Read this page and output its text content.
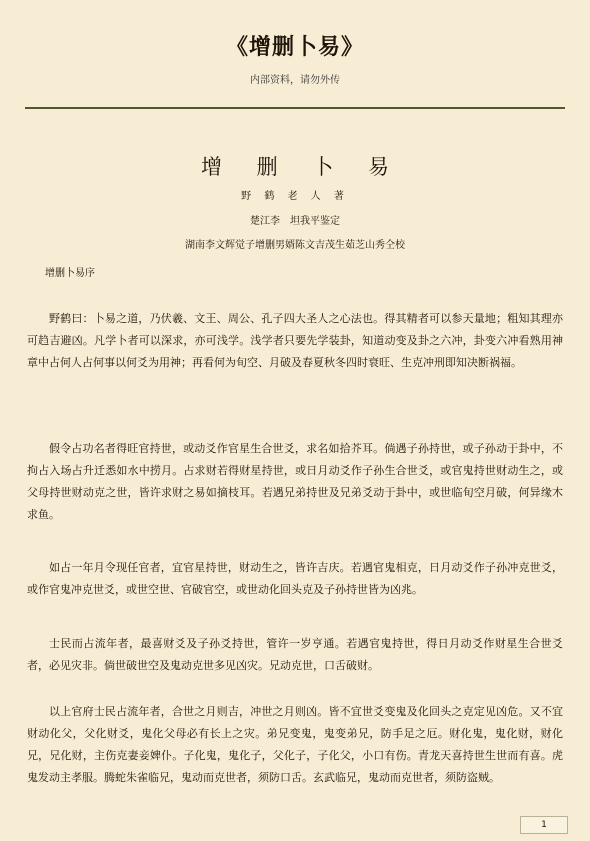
《增删卜易》
内部资料，请勿外传
增 删 卜 易
野 鹤 老 人 著
楚江李　坦我平鉴定
湖南李文辉觉子增删男婿陈文吉茂生茹芝山秀仝校
增删卜易序

野鹤曰：卜易之道，乃伏羲、文王、周公、孔子四大圣人之心法也。得其精者可以参天量地；粗知其理亦可趋吉避凶。凡学卜者可以深求，亦可浅学。浅学者只要先学装卦，知道动变及卦之六冲，卦变六冲看熟用神章中占何人占何事以何爻为用神；再看何为旬空、月破及春夏秋冬四时衰旺、生克冲刑即知决断祸福。

假令占功名者得旺官持世，或动爻作官星生合世爻，求名如拾芥耳。倘遇子孙持世，或子孙动于卦中，不拘占入场占升迁悉如水中捞月。占求财若得财星持世，或日月动爻作子孙生合世爻，或官鬼持世财动生之，或父母持世财动克之世，皆许求财之易如摘枝耳。若遇兄弟持世及兄弟爻动于卦中，或世临旬空月破，何异缘木求鱼。

如占一年月令现任官者，宜官星持世，财动生之，皆许吉庆。若遇官鬼相克，日月动爻作子孙冲克世爻，或作官鬼冲克世爻，或世空世、官破官空，或世动化回头克及子孙持世皆为凶兆。

士民而占流年者，最喜财爻及子孙爻持世，管许一岁亨通。若遇官鬼持世，得日月动爻作财星生合世爻者，必见灾非。倘世破世空及鬼动克世多见凶灾。兄动克世，口舌破财。

以上官府士民占流年者，合世之月则吉，冲世之月则凶。皆不宜世爻变鬼及化回头之克定见凶危。又不宜财动化父，父化财爻，鬼化父母必有长上之灾。弟兄变鬼，鬼变弟兄，防手足之厄。财化鬼，鬼化财，财化兄，兄化财，主伤克妻妾婢仆。子化鬼，鬼化子，父化子，子化父，小口有伤。青龙天喜持世生世而有喜。虎鬼发动主孝服。腾蛇朱雀临兄，鬼动而克世者，须防口舌。玄武临兄，鬼动而克世者，须防盗贼。

1
